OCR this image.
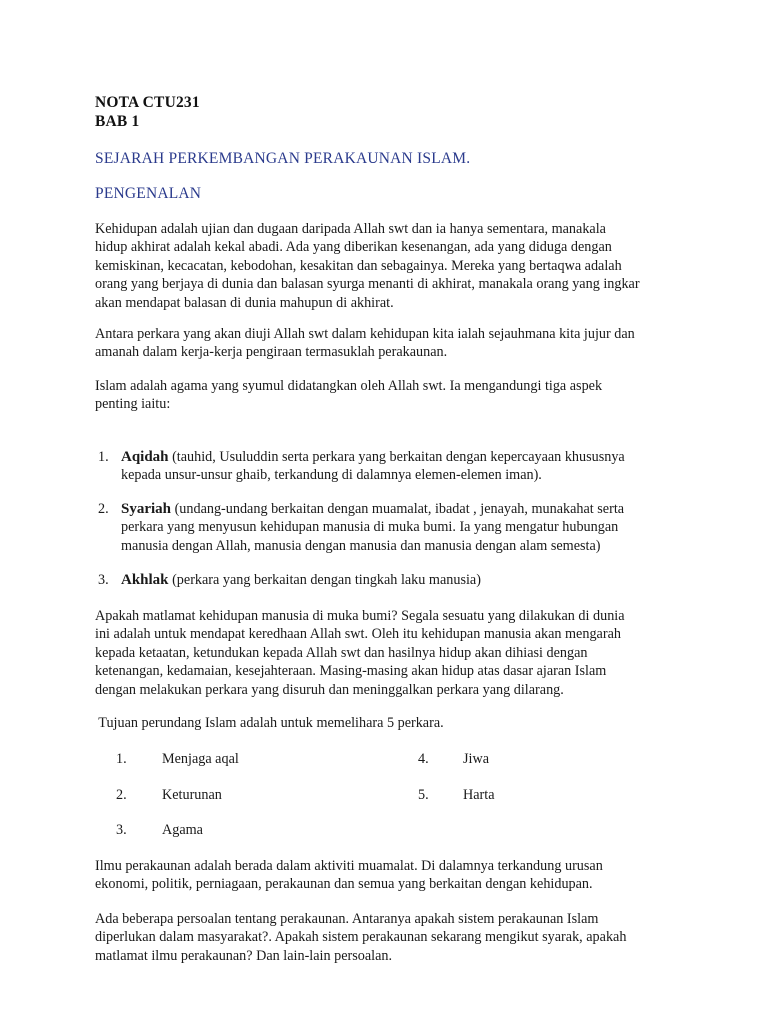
NOTA CTU231
BAB 1
SEJARAH PERKEMBANGAN PERAKAUNAN ISLAM.
PENGENALAN
Kehidupan adalah ujian dan dugaan daripada Allah swt dan ia hanya sementara, manakala
hidup akhirat adalah kekal abadi. Ada yang diberikan kesenangan, ada yang diduga dengan
kemiskinan, kecacatan, kebodohan, kesakitan dan sebagainya. Mereka yang bertaqwa adalah
orang yang berjaya di dunia dan balasan syurga menanti di akhirat, manakala orang yang ingkar
akan mendapat balasan di dunia mahupun di akhirat.
Antara perkara yang akan diuji Allah swt dalam kehidupan kita ialah sejauhmana kita jujur dan
amanah dalam kerja-kerja pengiraan termasuklah perakaunan.
Islam adalah agama yang syumul didatangkan oleh Allah swt. Ia mengandungi tiga aspek
penting iaitu:
1. Aqidah (tauhid, Usuluddin serta perkara yang berkaitan dengan kepercayaan khususnya
kepada unsur-unsur ghaib, terkandung di dalamnya elemen-elemen iman).
2. Syariah (undang-undang berkaitan dengan muamalat, ibadat , jenayah, munakahat serta
perkara yang menyusun kehidupan manusia di muka bumi. Ia yang mengatur hubungan
manusia dengan Allah, manusia dengan manusia dan manusia dengan alam semesta)
3. Akhlak (perkara yang berkaitan dengan tingkah laku manusia)
Apakah matlamat kehidupan manusia di muka bumi? Segala sesuatu yang dilakukan di dunia
ini adalah untuk mendapat keredhaan Allah swt. Oleh itu kehidupan manusia akan mengarah
kepada ketaatan, ketundukan kepada Allah swt dan hasilnya hidup akan dihiasi dengan
ketenangan, kedamaian, kesejahteraan. Masing-masing akan hidup atas dasar ajaran Islam
dengan melakukan perkara yang disuruh dan meninggalkan perkara yang dilarang.
Tujuan perundang Islam adalah untuk memelihara 5 perkara.
1. Menjaga aqal	4. Jiwa
2. Keturunan	5. Harta
3. Agama
Ilmu perakaunan adalah berada dalam aktiviti muamalat. Di dalamnya terkandung urusan
ekonomi, politik, perniagaan, perakaunan dan semua yang berkaitan dengan kehidupan.
Ada beberapa persoalan tentang perakaunan. Antaranya apakah sistem perakaunan Islam
diperlukan dalam masyarakat?. Apakah sistem perakaunan sekarang mengikut syarak, apakah
matlamat ilmu perakaunan? Dan lain-lain persoalan.
